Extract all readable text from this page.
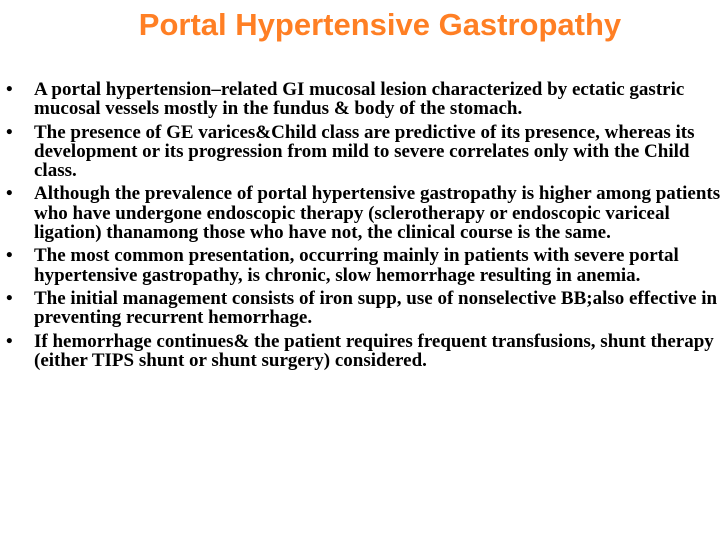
Portal Hypertensive Gastropathy
•	A portal hypertension–related GI mucosal lesion characterized by ectatic gastric mucosal vessels mostly in the fundus & body of the stomach.
•	The presence of GE varices&Child class are predictive of its presence, whereas its development or its progression from mild to severe correlates only with the Child class.
•	Although the prevalence of portal hypertensive gastropathy is higher among patients who have undergone endoscopic therapy (sclerotherapy or endoscopic variceal ligation) thanamong those who have not, the clinical course is the same.
•	The most common presentation, occurring mainly in patients with severe portal hypertensive gastropathy, is chronic, slow hemorrhage resulting in anemia.
•	The initial management consists of iron supp, use of nonselective BB;also effective in preventing recurrent hemorrhage.
•	If hemorrhage continues& the patient requires frequent transfusions, shunt therapy (either TIPS shunt or shunt surgery) considered.
